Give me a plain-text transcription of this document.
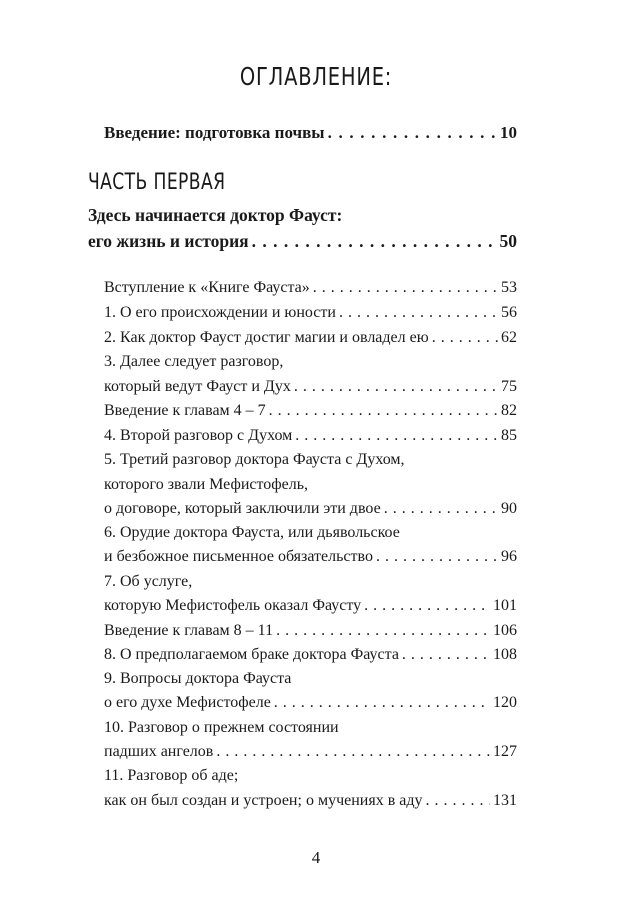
ОГЛАВЛЕНИЕ:
Введение: подготовка почвы . . .	10
ЧАСТЬ ПЕРВАЯ
Здесь начинается доктор Фауст:
его жизнь и история . . .	50
Вступление к «Книге Фауста» . . .	53
1. О его происхождении и юности . . .	56
2. Как доктор Фауст достиг магии и овладел ею . . .	62
3. Далее следует разговор,
который ведут Фауст и Дух . . .	75
Введение к главам 4 – 7 . . .	82
4. Второй разговор с Духом . . .	85
5. Третий разговор доктора Фауста с Духом,
которого звали Мефистофель,
о договоре, который заключили эти двое . . .	90
6. Орудие доктора Фауста, или дьявольское
и безбожное письменное обязательство . . .	96
7. Об услуге,
которую Мефистофель оказал Фаусту . . .	101
Введение к главам 8 – 11 . . .	106
8. О предполагаемом браке доктора Фауста . . .	108
9. Вопросы доктора Фауста
о его духе Мефистофеле . . .	120
10. Разговор о прежнем состоянии
падших ангелов . . .	127
11. Разговор об аде;
как он был создан и устроен; о мучениях в аду . . .	131
4
